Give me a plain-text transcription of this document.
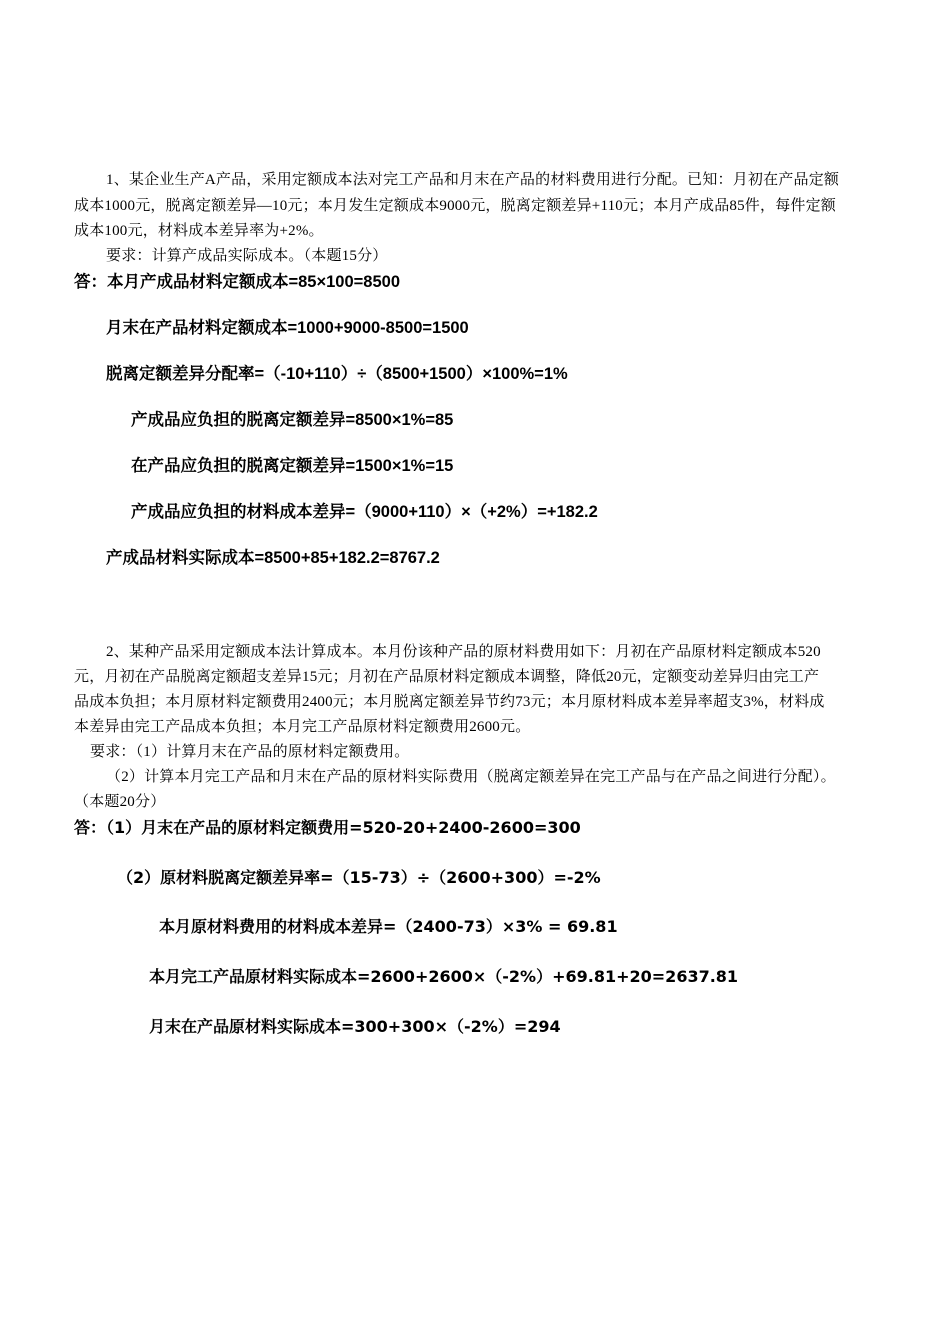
1、某企业生产A产品，采用定额成本法对完工产品和月末在产品的材料费用进行分配。已知：月初在产品定额
成本1000元，脱离定额差异—10元；本月发生定额成本9000元，脱离定额差异+110元；本月产成品85件，每件定额
成本100元，材料成本差异率为+2%。
要求：计算产成品实际成本。（本题15分）
答：本月产成品材料定额成本=85×100=8500
月末在产品材料定额成本=1000+9000-8500=1500
脱离定额差异分配率=（-10+110）÷（8500+1500）×100%=1%
产成品应负担的脱离定额差异=8500×1%=85
在产品应负担的脱离定额差异=1500×1%=15
产成品应负担的材料成本差异=（9000+110）×（+2%）=+182.2
产成品材料实际成本=8500+85+182.2=8767.2
2、某种产品采用定额成本法计算成本。本月份该种产品的原材料费用如下：月初在产品原材料定额成本520
元，月初在产品脱离定额超支差异15元；月初在产品原材料定额成本调整，降低20元，定额变动差异归由完工产
品成本负担；本月原材料定额费用2400元；本月脱离定额差异节约73元；本月原材料成本差异率超支3%，材料成
本差异由完工产品成本负担；本月完工产品原材料定额费用2600元。
要求：（1）计算月末在产品的原材料定额费用。
（2）计算本月完工产品和月末在产品的原材料实际费用（脱离定额差异在完工产品与在产品之间进行分配）。
（本题20分）
答：（1）月末在产品的原材料定额费用=520-20+2400-2600=300
（2）原材料脱离定额差异率=（15-73）÷（2600+300）=-2%
本月原材料费用的材料成本差异=（2400-73）×3% = 69.81
本月完工产品原材料实际成本=2600+2600×（-2%）+69.81+20=2637.81
月末在产品原材料实际成本=300+300×（-2%）=294
